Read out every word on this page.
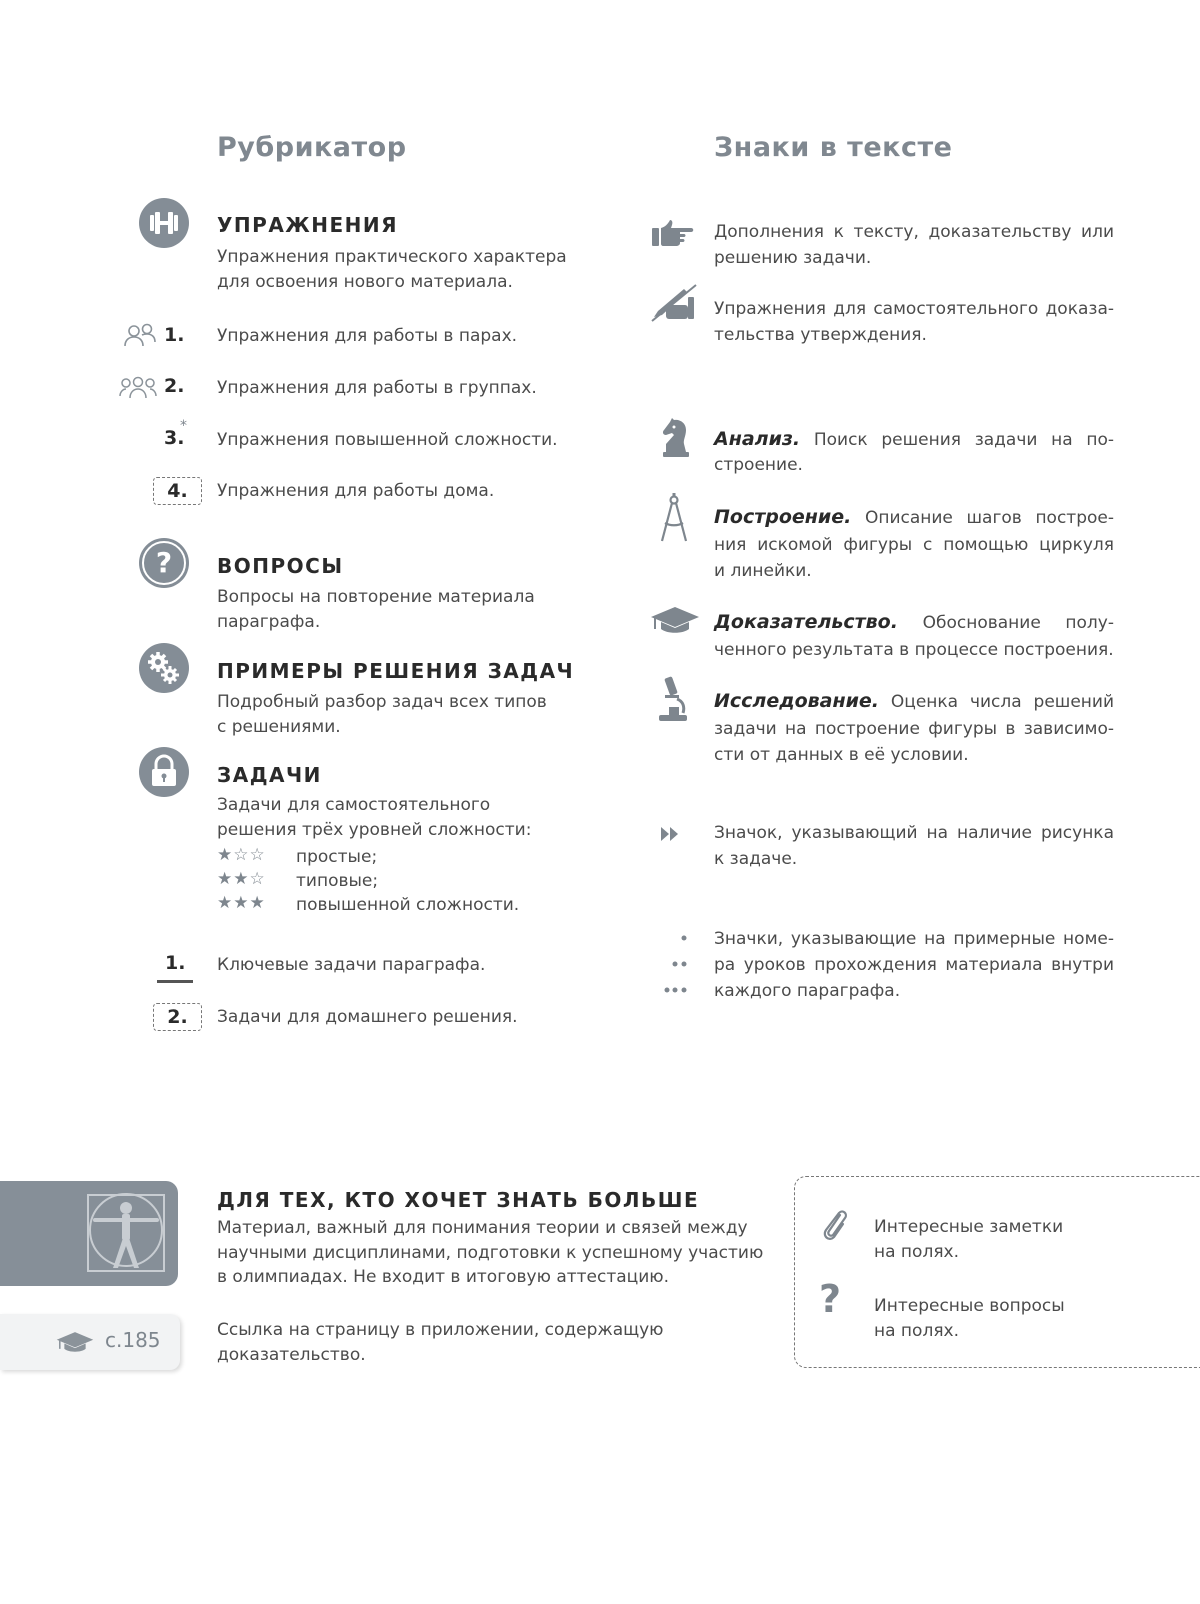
Рубрикатор
УПРАЖНЕНИЯ
Упражнения практического характера
для освоения нового материала.
1. Упражнения для работы в парах.
2. Упражнения для работы в группах.
3.
*
Упражнения повышенной сложности.
4.	Упражнения для работы дома.
? ВОПРОСЫ
Вопросы на повторение материала
параграфа.
ПРИМЕРЫ РЕШЕНИЯ ЗАДАЧ
Подробный разбор задач всех типов
с решениями.
ЗАДАЧИ
Задачи для самостоятельного
решения трёх уровней сложности:
★☆☆ простые;
★★☆ типовые;
★★★ повышенной сложности.
1. Ключевые задачи параграфа.
2.	Задачи для домашнего решения.
Знаки в тексте
Дополнения к тексту, доказательству или
решению задачи.
Упражнения для самостоятельного доказа-
тельства утверждения.
Анализ. Поиск решения задачи на по-
строение.
Построение. Описание шагов построе-
ния искомой фигуры с помощью циркуля
и линейки.
Доказательство. Обоснование полу-
ченного результата в процессе построения.
Исследование. Оценка числа решений
задачи на построение фигуры в зависимо-
сти от данных в её условии.
Значок, указывающий на наличие рисунка
к задаче.
Значки, указывающие на примерные номе-
ра уроков прохождения материала внутри
каждого параграфа.
ДЛЯ ТЕХ, КТО ХОЧЕТ ЗНАТЬ БОЛЬШЕ
Материал, важный для понимания теории и связей между
научными дисциплинами, подготовки к успешному участию
в олимпиадах. Не входит в итоговую аттестацию.
с.185	Ссылка на страницу в приложении, содержащую
доказательство.
Интересные заметки
на полях.
? Интересные вопросы
на полях.
